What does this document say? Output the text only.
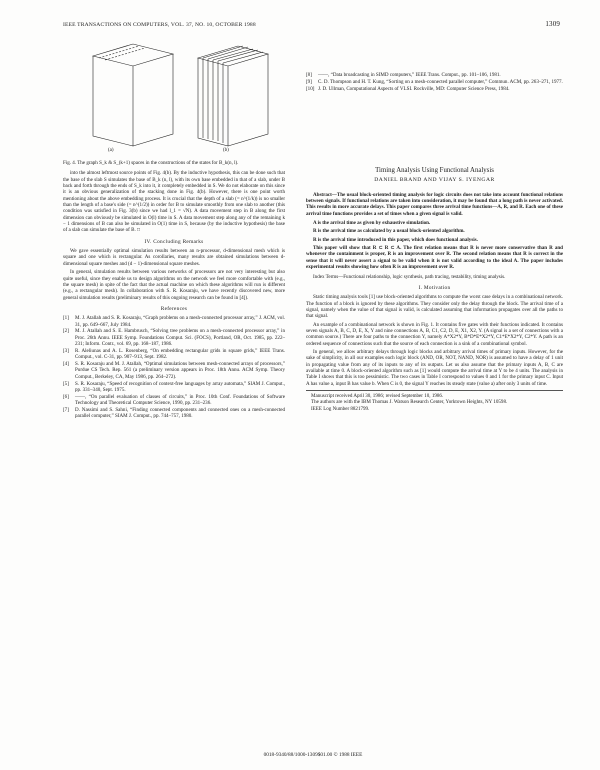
IEEE TRANSACTIONS ON COMPUTERS, VOL. 37, NO. 10, OCTOBER 1988	1309
(a)	(b)
Fig. 4. The graph S_k & S_(k+1) spaces in the constructions of the states for B_k(n, l).

into the almost leftmost source points of Fig. 4(b). By the inductive hypothesis, this can be done such that the base of the slab S simulates the base of B_k (n, l), with its own base embedded in that of a slab, under B back and forth through the ends of S_k into it, it completely embedded in S. We do not elaborate on this since it is an obvious generalization of the stacking done in Fig. 4(b). However, there is one point worth mentioning about the above embedding process. It is crucial that the depth of a slab (= n^(1/k)) is no smaller than the length of a base's side (= n^(1/2)) in order for B to simulate smoothly from one slab to another (this condition was satisfied in Fig. 3(b) since we had l_1 = √N). A data movement step in B along the first dimension can obviously be simulated in O(l) time in S. A data movement step along any of the remaining k − 1 dimensions of B can also be simulated in O(1) time in S, because (by the inductive hypothesis) the base of a slab can simulate the base of B. □

IV. Concluding Remarks

We gave essentially optimal simulation results between an n-processor, d-dimensional mesh which is square and one which is rectangular. As corollaries, many results are obtained simulations between d-dimensional square meshes and (d − 1)-dimensional square meshes.

In general, simulation results between various networks of processors are not very interesting but also quite useful, since they enable us to design algorithms on the network we feel more comfortable with (e.g., the square mesh) in spite of the fact that the actual machine on which these algorithms will run is different (e.g., a rectangular mesh). In collaboration with S. R. Kosaraju, we have recently discovered new, more general simulation results (preliminary results of this ongoing research can be found in [4]).

References
[1] M. J. Atallah and S. R. Kosaraju, “Graph problems on a mesh-connected processor array,” J. ACM, vol. 31, pp. 649–667, July 1984.
[2] M. J. Atallah and S. E. Hambrusch, “Solving tree problems on a mesh-connected processor array,” in Proc. 26th Annu. IEEE Symp. Foundations Comput. Sci. (FOCS), Portland, OR, Oct. 1985, pp. 222–231; Inform. Contr., vol. 69, pp. 168–187, 1986.
[3] R. Aleliunas and A. L. Rosenberg, “On embedding rectangular grids in square grids,” IEEE Trans. Comput., vol. C-31, pp. 907–913, Sept. 1982.
[4] S. R. Kosaraju and M. J. Atallah, “Optimal simulations between mesh-connected arrays of processors,” Purdue CS Tech. Rep. 561 (a preliminary version appears in Proc. 18th Annu. ACM Symp. Theory Comput., Berkeley, CA, May 1986, pp. 264–272).
[5] S. R. Kosaraju, “Speed of recognition of context-free languages by array automata,” SIAM J. Comput., pp. 331–340, Sept. 1975.
[6] ——, “On parallel evaluation of classes of circuits,” in Proc. 10th Conf. Foundations of Software Technology and Theoretical Computer Science, 1990, pp. 231–236.
[7] D. Nassimi and S. Sahni, “Finding connected components and connected ones on a mesh-connected parallel computer,” SIAM J. Comput., pp. 744–757, 1980.
[8] ——, “Data broadcasting in SIMD computers,” IEEE Trans. Comput., pp. 101–106, 1981.
[9] C. D. Thompson and H. T. Kung, “Sorting on a mesh-connected parallel computer,” Commun. ACM, pp. 263–271, 1977.
[10] J. D. Ullman, Computational Aspects of VLSI. Rockville, MD: Computer Science Press, 1984.
Timing Analysis Using Functional Analysis
DANIEL BRAND AND VIJAY S. IYENGAR

Abstract—The usual block-oriented timing analysis for logic circuits does not take into account functional relations between signals. If functional relations are taken into consideration, it may be found that a long path is never activated. This results in more accurate delays. This paper compares three arrival time functions—A, R, and R. Each one of these arrival time functions provides a set of times when a given signal is valid.

A is the arrival time as given by exhaustive simulation.

R is the arrival time as calculated by a usual block-oriented algorithm.

R is the arrival time introduced in this paper, which does functional analysis.

This paper will show that R ⊂ R ⊂ A. The first relation means that R is never more conservative than R and whenever the containment is proper, R is an improvement over R. The second relation means that R is correct in the sense that it will never assert a signal to be valid when it is not valid according to the ideal A. The paper includes experimental results showing how often R is an improvement over R.

Index Terms—Functional relationship, logic synthesis, path tracing, testability, timing analysis.

I. Motivation

Static timing analysis tools [1] use block-oriented algorithms to compute the worst case delays in a combinational network. The function of a block is ignored by these algorithms. They consider only the delay through the block. The arrival time of a signal, namely when the value of that signal is valid, is calculated assuming that information propagates over all the paths to that signal.

An example of a combinational network is shown in Fig. 1. It contains five gates with their functions indicated. It contains seven signals A, B, C, D, E, X, Y and nine connections A, B, C1, C2, D, E, X1, X2, Y. (A signal is a set of connections with a common source.) There are four paths to the connection Y, namely A*X2*Y, B*D*E*X2*Y, C1*E*X2*Y, C2*Y. A path is an ordered sequence of connections such that the source of each connection is a sink of a combinational symbol.

In general, we allow arbitrary delays through logic blocks and arbitrary arrival times of primary inputs. However, for the sake of simplicity, in all our examples each logic block (AND, OR, NOT, NAND, NOR) is assumed to have a delay of 1 unit in propagating value from any of its inputs to any of its outputs. Let us also assume that the primary inputs A, B, C are available at time 0. A block-oriented algorithm such as [1] would compute the arrival time at Y to be 4 units. The analysis in Table I shows that this is too pessimistic. The two cases in Table I correspond to values 0 and 1 for the primary input C. Input A has value a, input B has value b. When C is 0, the signal Y reaches its steady state (value a) after only 3 units of time.

Manuscript received April 30, 1986; revised September 10, 1986.

The authors are with the IBM Thomas J. Watson Research Center, Yorktown Heights, NY 10598.

IEEE Log Number 8821799.

0018-9340/88/1000-1309$01.00 © 1988 IEEE
